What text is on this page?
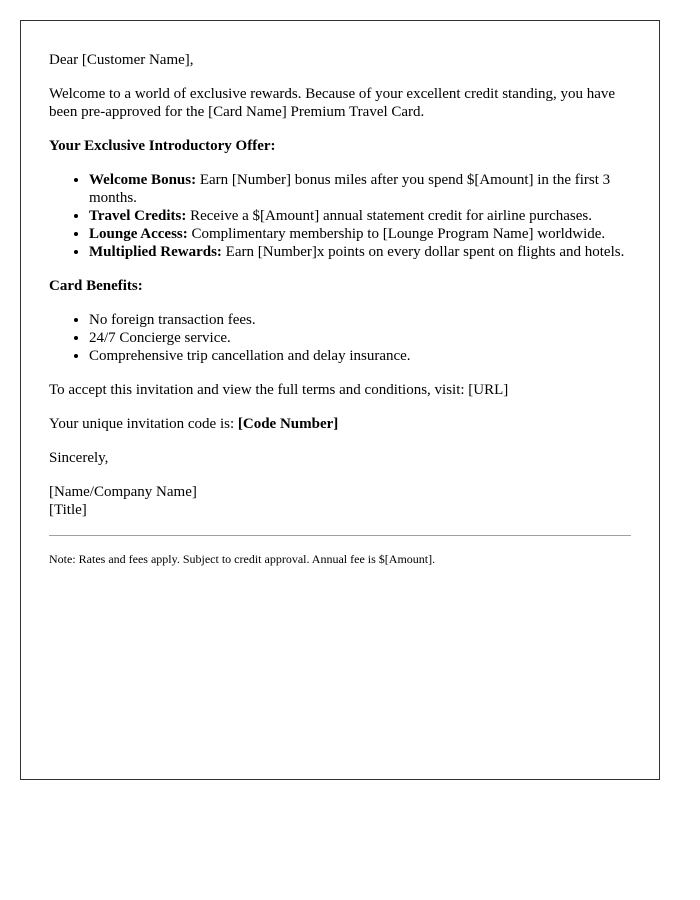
Dear [Customer Name],

Welcome to a world of exclusive rewards. Because of your excellent credit standing, you have been pre-approved for the [Card Name] Premium Travel Card.

Your Exclusive Introductory Offer:

• Welcome Bonus: Earn [Number] bonus miles after you spend $[Amount] in the first 3 months.
• Travel Credits: Receive a $[Amount] annual statement credit for airline purchases.
• Lounge Access: Complimentary membership to [Lounge Program Name] worldwide.
• Multiplied Rewards: Earn [Number]x points on every dollar spent on flights and hotels.

Card Benefits:

• No foreign transaction fees.
• 24/7 Concierge service.
• Comprehensive trip cancellation and delay insurance.

To accept this invitation and view the full terms and conditions, visit: [URL]

Your unique invitation code is: [Code Number]

Sincerely,

[Name/Company Name]
[Title]

Note: Rates and fees apply. Subject to credit approval. Annual fee is $[Amount].
